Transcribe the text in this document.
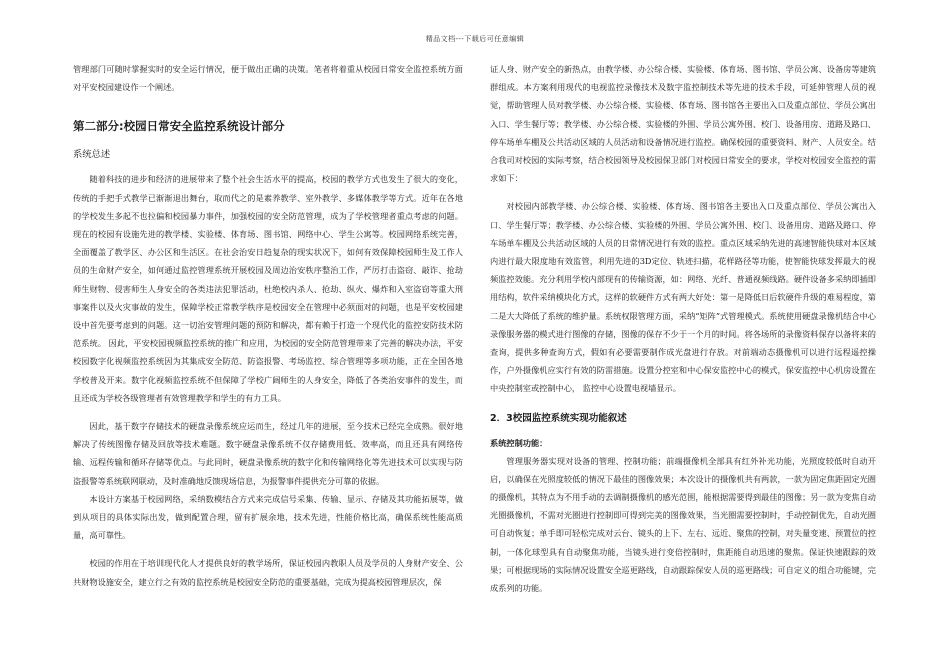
精品文档---下载后可任意编辑

管理部门可随时掌握实时的安全运行情况，便于做出正确的决策。笔者将着重从校园日常安全监控系统方面对平安校园建设作一个阐述。

第二部分:校园日常安全监控系统设计部分
系统总述

随着科技的进步和经济的进展带来了整个社会生活水平的提高，校园的教学方式也发生了很大的变化，传统的手把手式教学已渐渐退出舞台，取而代之的是素养教学、室外教学、多媒体教学等方式。近年在各地的学校发生多起不也拉偏和校园暴力事件，加强校园的安全防范管理，成为了学校管理者重点考虑的问题。现在的校园有设施先进的教学楼、实验楼、体育场、图书馆、网络中心、学生公寓等。校园网络系统完善，全面覆盖了教学区、办公区和生活区。在社会治安日趋复杂的现实状况下，如何有效保障校园师生及工作人员的生命财产安全，如何通过监控管理系统开展校园及周边治安秩序整治工作，严厉打击盗窃、敲诈、抢劫师生财物、侵害师生人身安全的各类违法犯罪活动，杜绝校内杀人、抢劫、纵火、爆炸和入室盗窃等重大刑事案件以及火灾事故的发生，保障学校正常教学秩序是校园安全在管理中必须面对的问题，也是平安校园建设中首先要考虑到的问题。这一切治安管理问题的预防和解决，都有赖于打造一个现代化的监控安防技术防范系统。 因此，平安校园视频监控系统的推广和应用，为校园的安全防范管理带来了完善的解决办法，平安校园数字化视频监控系统因为其集成安全防范、防盗报警、考场监控、综合管理等多项功能，正在全国各地学校普及开来。数字化视频监控系统不但保障了学校广阔师生的人身安全，降低了各类治安事件的发生，而且还成为学校各级管理者有效管理教学和学生的有力工具。

因此，基于数字存储技术的硬盘录像系统应运而生，经过几年的进展，至今技术已经完全成熟。很好地解决了传统图像存储及回放等技术难题。数字硬盘录像系统不仅存储费用低、效率高，而且还具有网络传输、远程传输和循环存储等优点。与此同时，硬盘录像系统的数字化和传输网络化等先进技术可以实现与防盗报警等系统联网联动，及时准确地反馈现场信息，为报警事件提供充分可靠的依据。

本设计方案基于校园网络，采纳数模结合方式来完成信号采集、传输、显示、存储及其功能拓展等，做到从项目的具体实际出发，做到配置合理，留有扩展余地，技术先进，性能价格比高，确保系统性能高质量，高可靠性。

校园的作用在于培训现代化人才提供良好的教学场所，保证校园内教职人员及学员的人身财产安全、公共财物设施安全，建立行之有效的监控系统是校园安全防范的重要基础，完成为提高校园管理层次，保

证人身、财产安全的新热点，由教学楼、办公综合楼、实验楼、体育场、图书馆、学员公寓、设备房等建筑群组成。本方案利用现代的电视监控录像技术及数字监控制技术等先进的技术手段，可延伸管理人员的视觉，帮助管理人员对教学楼、办公综合楼、实验楼、体育场、图书馆各主要出入口及重点部位、学员公寓出入口、学生餐厅等；教学楼、办公综合楼、实验楼的外围、学员公寓外围、校门、设备用房、道路及路口、停车场单车棚及公共活动区域的人员活动和设备情况进行监控。确保校园的重要资料、财产、人员安全。结合我司对校园的实际考察，结合校园领导及校园保卫部门对校园日常安全的要求，学校对校园安全监控的需求如下：

对校园内部教学楼、办公综合楼、实验楼、体育场、图书馆各主要出入口及重点部位、学员公寓出入口、学生餐厅等；教学楼、办公综合楼、实验楼的外围、学员公寓外围、校门、设备用房、道路及路口、停车场单车棚及公共活动区域的人员的日常情况进行有效的监控。重点区域采纳先进的高速智能快球对本区域内进行最大限度地有效监管，利用先进的3D定位、轨迹扫描，花样路径等功能，使智能快球发挥最大的视频监控效能。充分利用学校内部现有的传输资源，如：网络、光纤、普通视频线路。硬件设备多采纳即插即用结构，软件采纳模块化方式，这样的软硬件方式有两大好处：第一是降低日后软硬件升级的难易程度，第二是大大降低了系统的维护量。系统权限管理方面，采纳“矩阵”式管理模式。系统使用硬盘录像机结合中心录像服务器的模式进行图像的存储，图像的保存不少于一个月的时间。将各场所的录像资料保存以备将来的查询，提供多种查询方式，假如有必要需要制作成光盘进行存放。对前端动态摄像机可以进行远程遥控操作，户外摄像机应实行有效的防雷措施。设置分控室和中心保安监控中心的模式，保安监控中心机房设置在中央控制室或控制中心， 监控中心设置电视墙显示。

2．3校园监控系统实现功能叙述
系统控制功能：

管理服务器实现对设备的管理、控制功能；前端摄像机全部具有红外补光功能，光照度较低时自动开启，以确保在光照度较低的情况下最佳的图像效果；本次设计的摄像机共有两款，一款为固定焦距固定光圈的摄像机，其特点为不用手动的去调制摄像机的感光范围，能根据需要得到最佳的图像；另一款为变焦自动光圈摄像机，不需对光圈进行控制即可得到完美的图像效果，当光圈需要控制时，手动控制优先，自动光圈可自动恢复；单手即可轻松完成对云台、镜头的上下、左右、远近、聚焦的控制，对失量变速、预置位的控制，一体化球型具有自动聚焦功能，当镜头进行变倍控制时，焦距能自动迅速的聚焦。保证快速跟踪的效果；可根据现场的实际情况设置安全巡更路线，自动跟踪保安人员的巡更路线；可自定义的组合功能键，完成系列的功能。
